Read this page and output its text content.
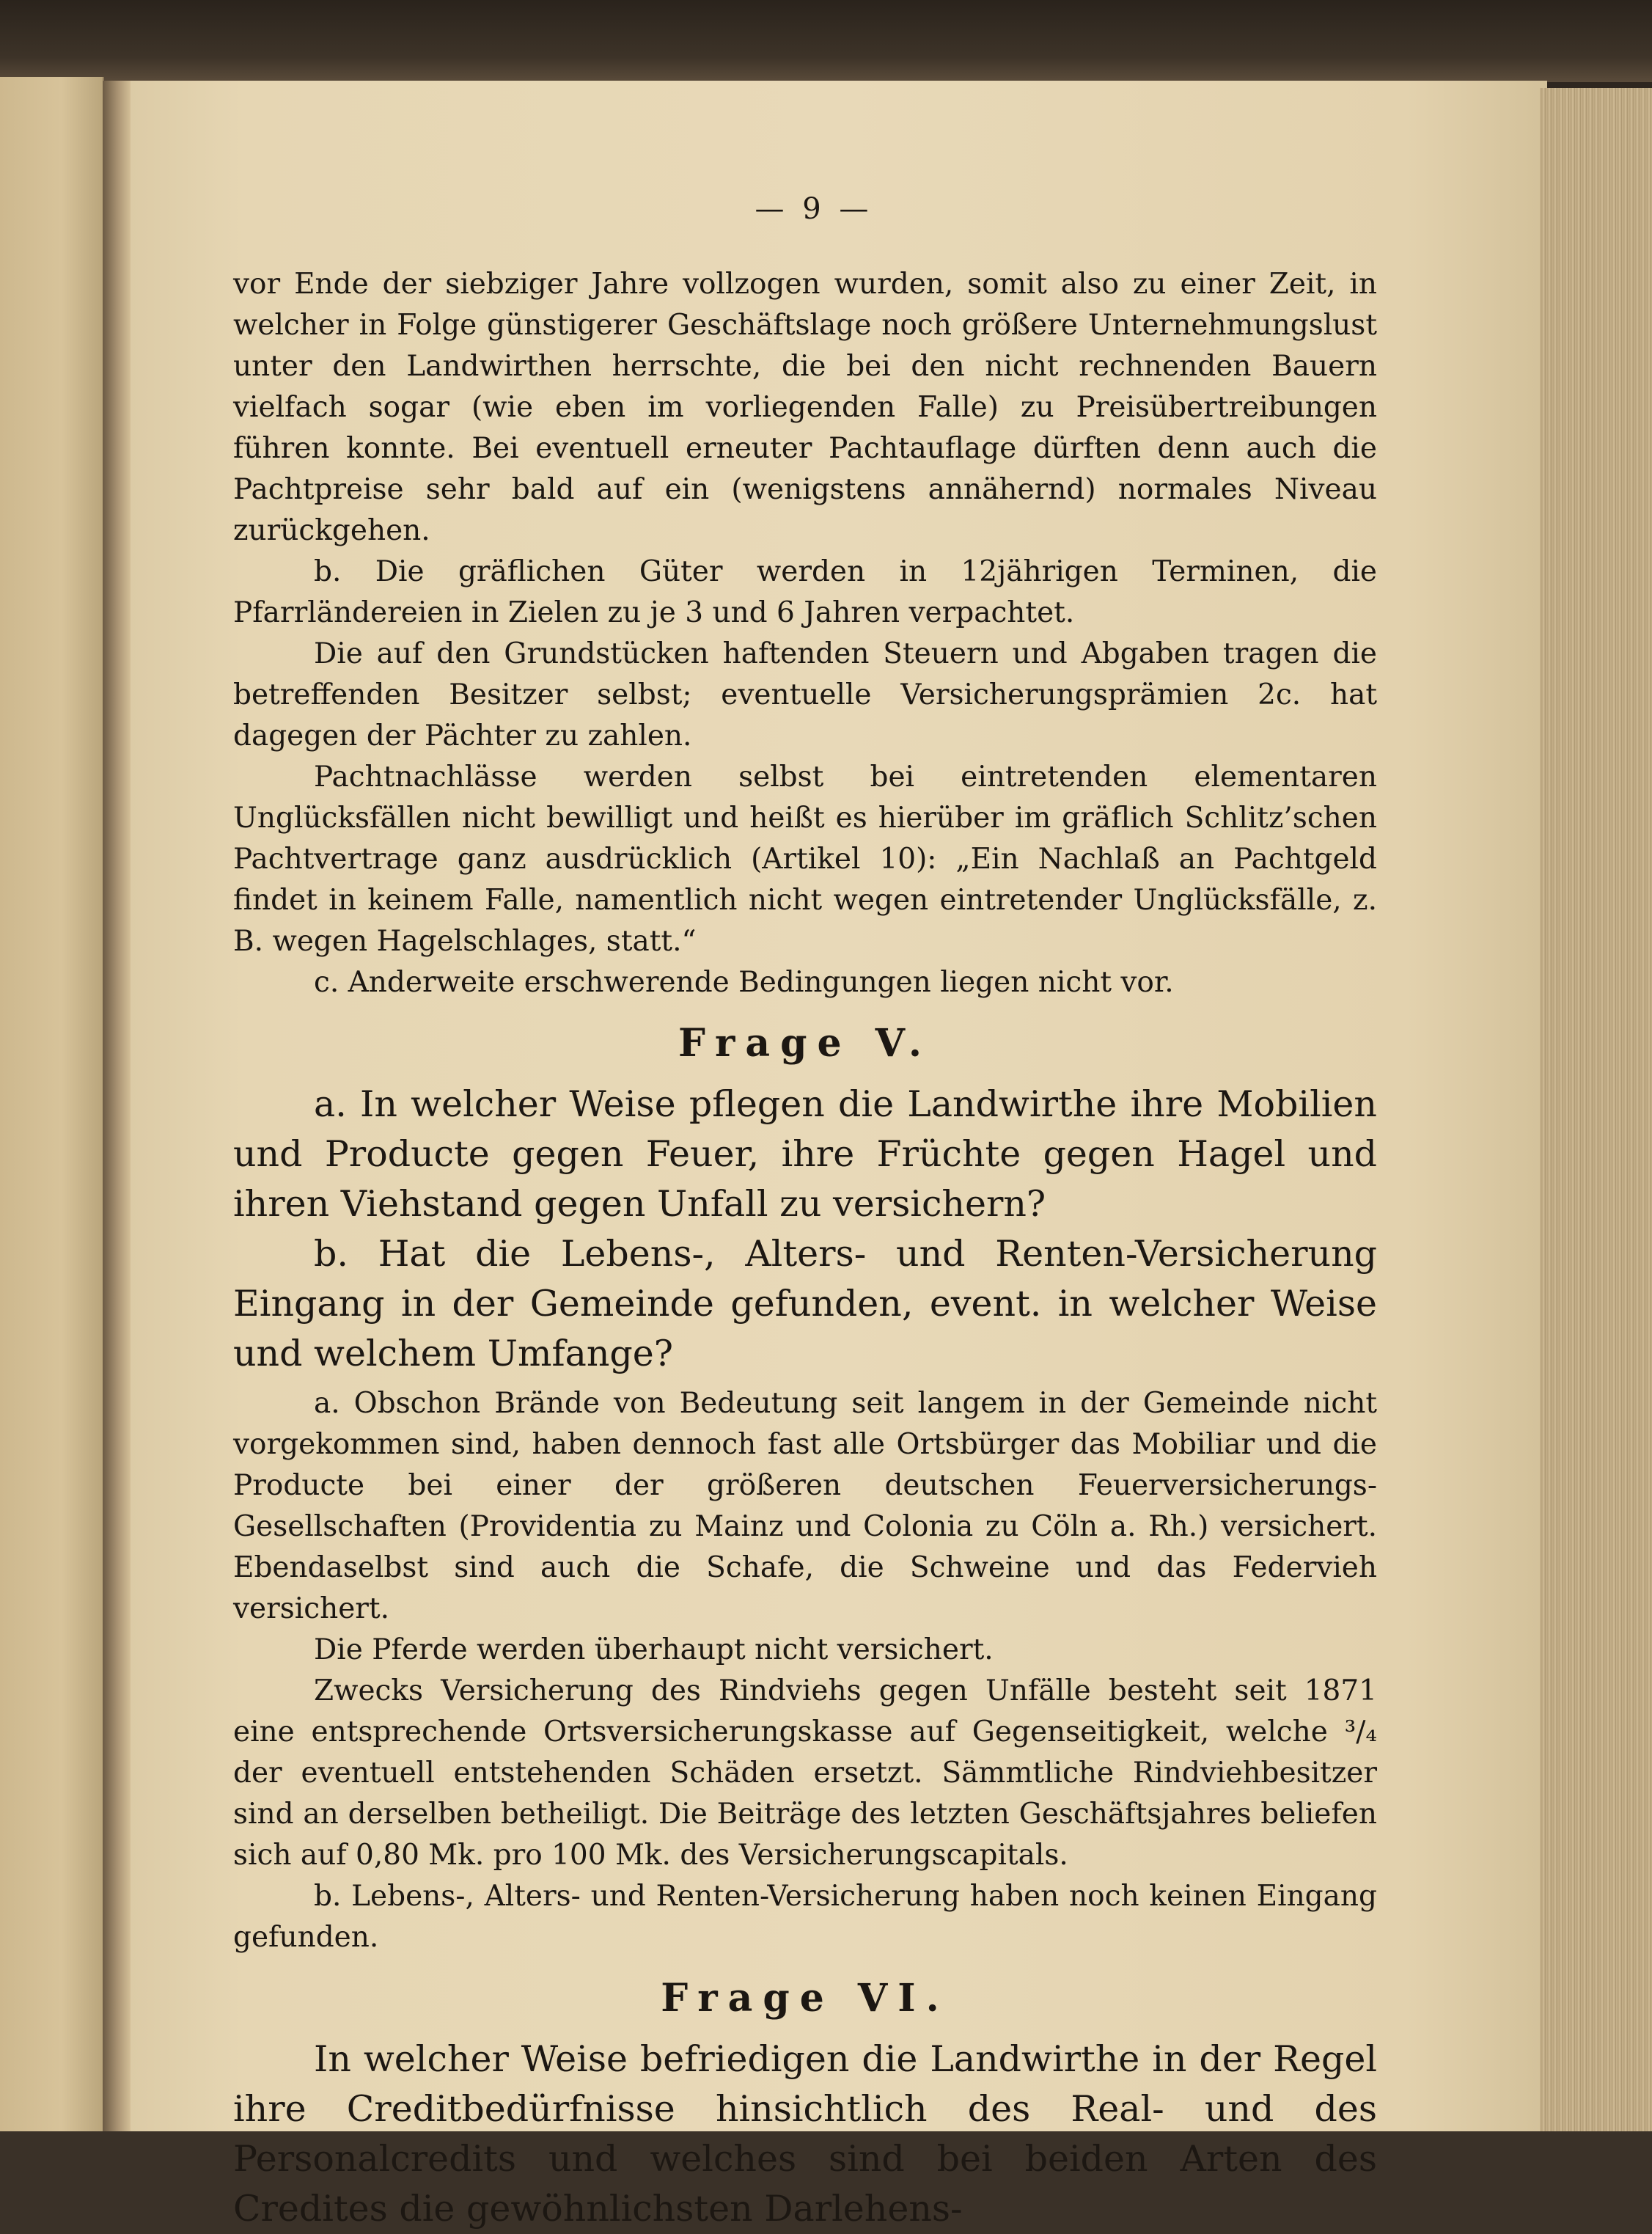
— 9 —

vor Ende der siebziger Jahre vollzogen wurden, somit also zu einer Zeit, in welcher in Folge günstigerer Geschäftslage noch größere Unternehmungslust unter den Landwirthen herrschte, die bei den nicht rechnenden Bauern vielfach sogar (wie eben im vorliegenden Falle) zu Preisübertreibungen führen konnte. Bei eventuell erneuter Pachtauflage dürften denn auch die Pachtpreise sehr bald auf ein (wenigstens annähernd) normales Niveau zurückgehen.

b. Die gräflichen Güter werden in 12jährigen Terminen, die Pfarrländereien in Zielen zu je 3 und 6 Jahren verpachtet.

Die auf den Grundstücken haftenden Steuern und Abgaben tragen die betreffenden Besitzer selbst; eventuelle Versicherungsprämien 2c. hat dagegen der Pächter zu zahlen.

Pachtnachlässe werden selbst bei eintretenden elementaren Unglücksfällen nicht bewilligt und heißt es hierüber im gräflich Schlitz’schen Pachtvertrage ganz ausdrücklich (Artikel 10): „Ein Nachlaß an Pachtgeld findet in keinem Falle, namentlich nicht wegen eintretender Unglücksfälle, z. B. wegen Hagelschlages, statt.“

c. Anderweite erschwerende Bedingungen liegen nicht vor.

Frage V.
a. In welcher Weise pflegen die Landwirthe ihre Mobilien und Producte gegen Feuer, ihre Früchte gegen Hagel und ihren Viehstand gegen Unfall zu versichern?
b. Hat die Lebens-, Alters- und Renten-Versicherung Eingang in der Gemeinde gefunden, event. in welcher Weise und welchem Umfange?

a. Obschon Brände von Bedeutung seit langem in der Gemeinde nicht vorgekommen sind, haben dennoch fast alle Ortsbürger das Mobiliar und die Producte bei einer der größeren deutschen Feuerversicherungs-Gesellschaften (Providentia zu Mainz und Colonia zu Cöln a. Rh.) versichert. Ebendaselbst sind auch die Schafe, die Schweine und das Federvieh versichert.

Die Pferde werden überhaupt nicht versichert.

Zwecks Versicherung des Rindviehs gegen Unfälle besteht seit 1871 eine entsprechende Ortsversicherungskasse auf Gegenseitigkeit, welche ³/₄ der eventuell entstehenden Schäden ersetzt. Sämmtliche Rindviehbesitzer sind an derselben betheiligt. Die Beiträge des letzten Geschäftsjahres beliefen sich auf 0,80 Mk. pro 100 Mk. des Versicherungscapitals.

b. Lebens-, Alters- und Renten-Versicherung haben noch keinen Eingang gefunden.

Frage VI.
In welcher Weise befriedigen die Landwirthe in der Regel ihre Creditbedürfnisse hinsichtlich des Real- und des Personalcredits und welches sind bei beiden Arten des Credites die gewöhnlichsten Darlehens-
